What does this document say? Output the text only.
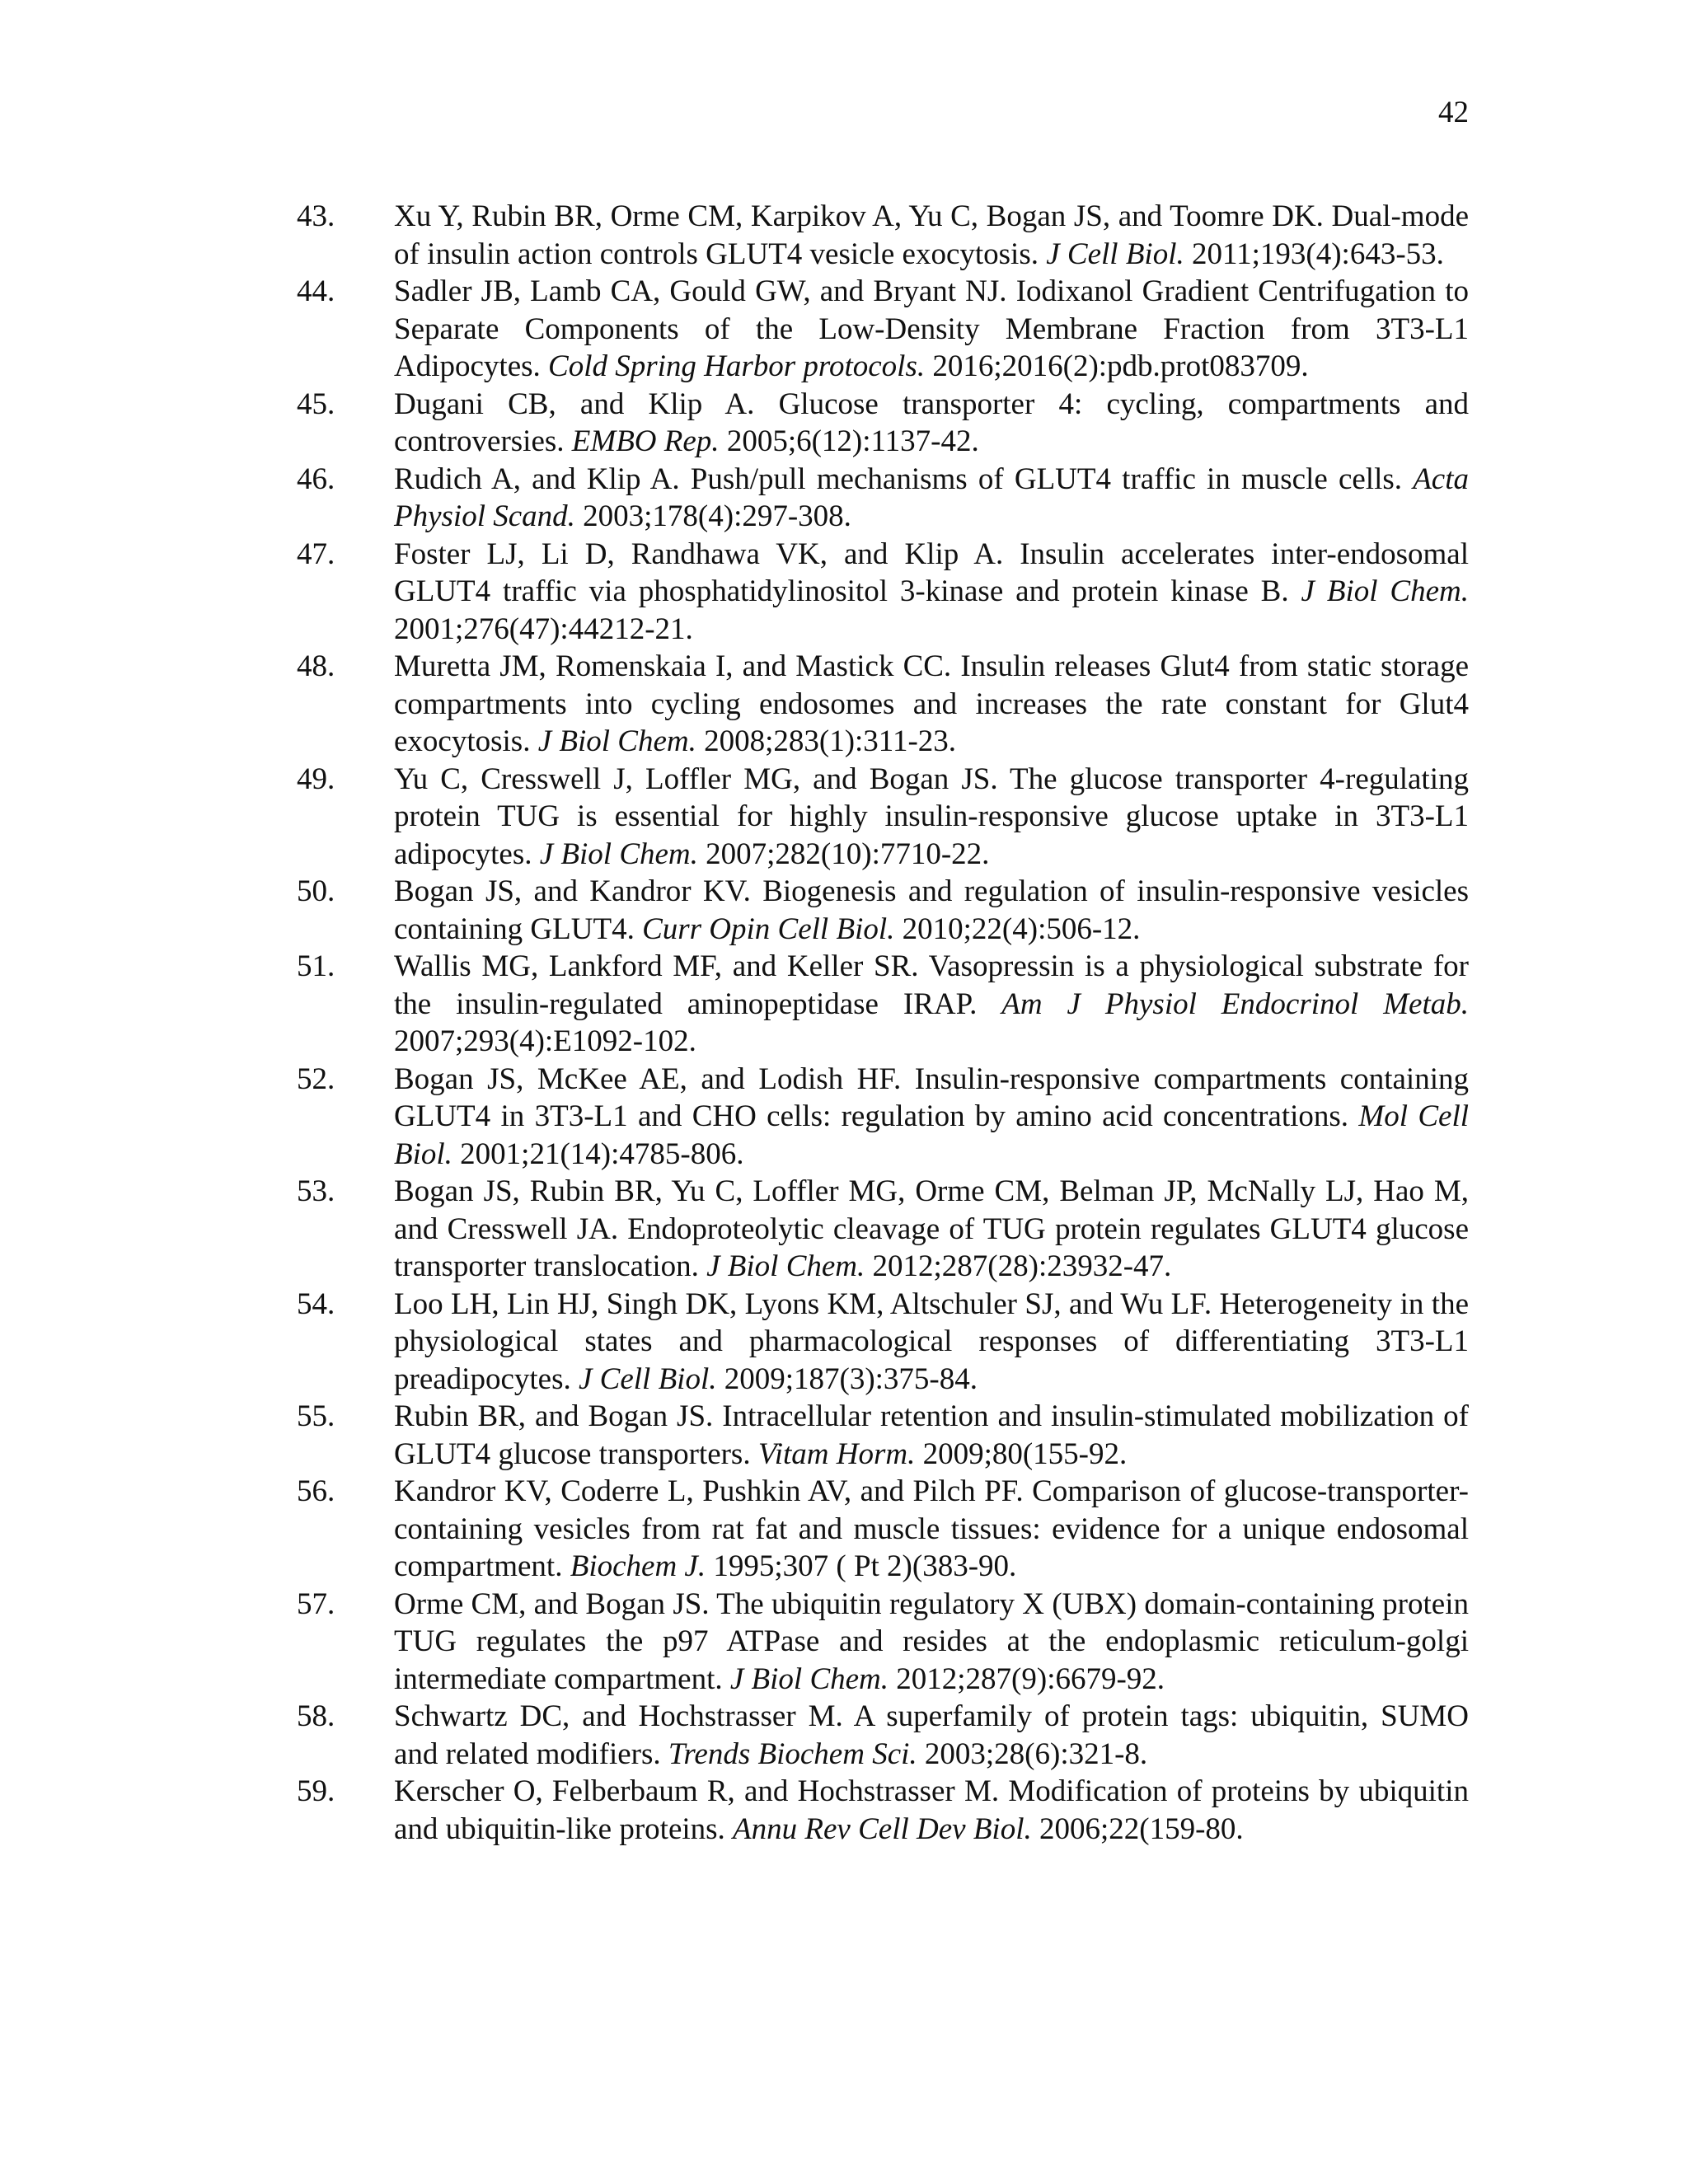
42
43.	Xu Y, Rubin BR, Orme CM, Karpikov A, Yu C, Bogan JS, and Toomre DK. Dual-mode of insulin action controls GLUT4 vesicle exocytosis. J Cell Biol. 2011;193(4):643-53.
44.	Sadler JB, Lamb CA, Gould GW, and Bryant NJ. Iodixanol Gradient Centrifugation to Separate Components of the Low-Density Membrane Fraction from 3T3-L1 Adipocytes. Cold Spring Harbor protocols. 2016;2016(2):pdb.prot083709.
45.	Dugani CB, and Klip A. Glucose transporter 4: cycling, compartments and controversies. EMBO Rep. 2005;6(12):1137-42.
46.	Rudich A, and Klip A. Push/pull mechanisms of GLUT4 traffic in muscle cells. Acta Physiol Scand. 2003;178(4):297-308.
47.	Foster LJ, Li D, Randhawa VK, and Klip A. Insulin accelerates inter-endosomal GLUT4 traffic via phosphatidylinositol 3-kinase and protein kinase B. J Biol Chem. 2001;276(47):44212-21.
48.	Muretta JM, Romenskaia I, and Mastick CC. Insulin releases Glut4 from static storage compartments into cycling endosomes and increases the rate constant for Glut4 exocytosis. J Biol Chem. 2008;283(1):311-23.
49.	Yu C, Cresswell J, Loffler MG, and Bogan JS. The glucose transporter 4-regulating protein TUG is essential for highly insulin-responsive glucose uptake in 3T3-L1 adipocytes. J Biol Chem. 2007;282(10):7710-22.
50.	Bogan JS, and Kandror KV. Biogenesis and regulation of insulin-responsive vesicles containing GLUT4. Curr Opin Cell Biol. 2010;22(4):506-12.
51.	Wallis MG, Lankford MF, and Keller SR. Vasopressin is a physiological substrate for the insulin-regulated aminopeptidase IRAP. Am J Physiol Endocrinol Metab. 2007;293(4):E1092-102.
52.	Bogan JS, McKee AE, and Lodish HF. Insulin-responsive compartments containing GLUT4 in 3T3-L1 and CHO cells: regulation by amino acid concentrations. Mol Cell Biol. 2001;21(14):4785-806.
53.	Bogan JS, Rubin BR, Yu C, Loffler MG, Orme CM, Belman JP, McNally LJ, Hao M, and Cresswell JA. Endoproteolytic cleavage of TUG protein regulates GLUT4 glucose transporter translocation. J Biol Chem. 2012;287(28):23932-47.
54.	Loo LH, Lin HJ, Singh DK, Lyons KM, Altschuler SJ, and Wu LF. Heterogeneity in the physiological states and pharmacological responses of differentiating 3T3-L1 preadipocytes. J Cell Biol. 2009;187(3):375-84.
55.	Rubin BR, and Bogan JS. Intracellular retention and insulin-stimulated mobilization of GLUT4 glucose transporters. Vitam Horm. 2009;80(155-92.
56.	Kandror KV, Coderre L, Pushkin AV, and Pilch PF. Comparison of glucose-transporter-containing vesicles from rat fat and muscle tissues: evidence for a unique endosomal compartment. Biochem J. 1995;307 ( Pt 2)(383-90.
57.	Orme CM, and Bogan JS. The ubiquitin regulatory X (UBX) domain-containing protein TUG regulates the p97 ATPase and resides at the endoplasmic reticulum-golgi intermediate compartment. J Biol Chem. 2012;287(9):6679-92.
58.	Schwartz DC, and Hochstrasser M. A superfamily of protein tags: ubiquitin, SUMO and related modifiers. Trends Biochem Sci. 2003;28(6):321-8.
59.	Kerscher O, Felberbaum R, and Hochstrasser M. Modification of proteins by ubiquitin and ubiquitin-like proteins. Annu Rev Cell Dev Biol. 2006;22(159-80.
